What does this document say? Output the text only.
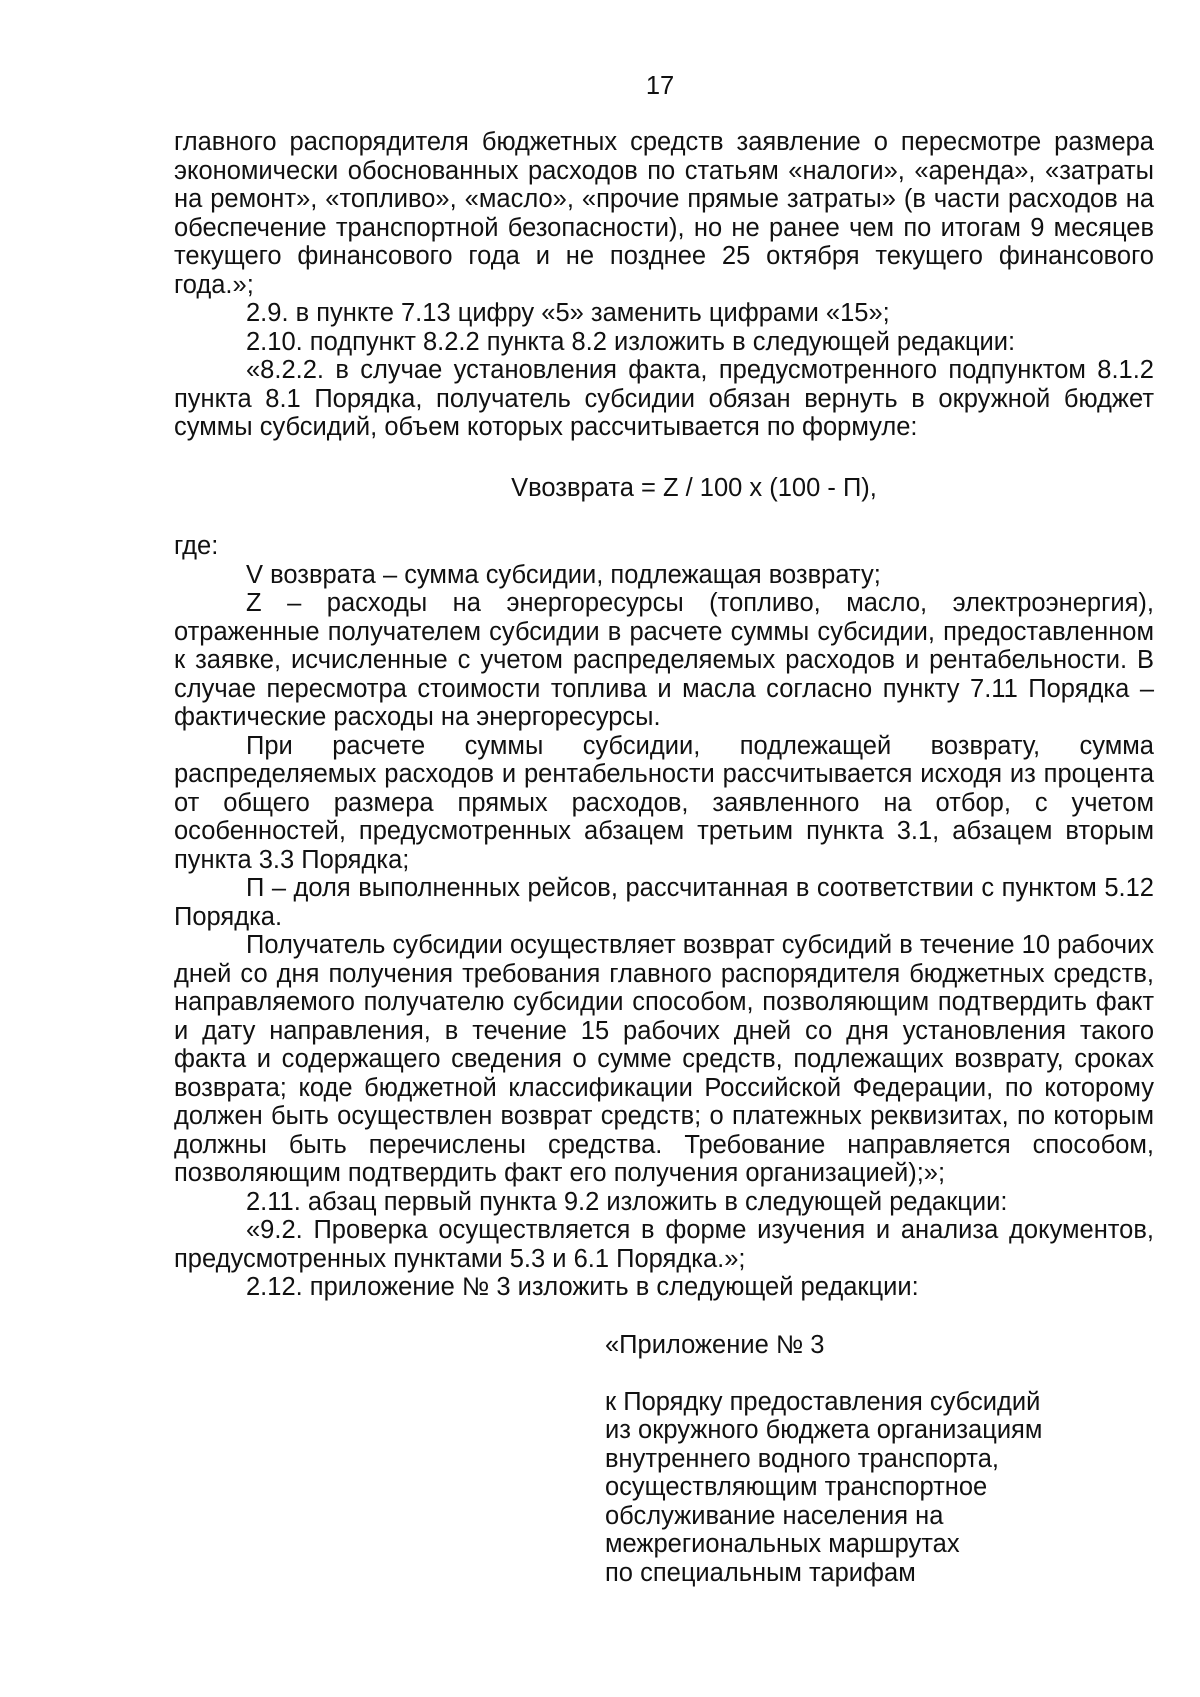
17

главного распорядителя бюджетных средств заявление о пересмотре размера экономически обоснованных расходов по статьям «налоги», «аренда», «затраты на ремонт», «топливо», «масло», «прочие прямые затраты» (в части расходов на обеспечение транспортной безопасности), но не ранее чем по итогам 9 месяцев текущего финансового года и не позднее 25 октября текущего финансового года.»;

2.9. в пункте 7.13 цифру «5» заменить цифрами «15»;

2.10. подпункт 8.2.2 пункта 8.2 изложить в следующей редакции:

«8.2.2. в случае установления факта, предусмотренного подпунктом 8.1.2 пункта 8.1 Порядка, получатель субсидии обязан вернуть в окружной бюджет суммы субсидий, объем которых рассчитывается по формуле:

Vвозврата = Z / 100 x (100 - П),

где:

V возврата – сумма субсидии, подлежащая возврату;

Z – расходы на энергоресурсы (топливо, масло, электроэнергия), отраженные получателем субсидии в расчете суммы субсидии, предоставленном к заявке, исчисленные с учетом распределяемых расходов и рентабельности. В случае пересмотра стоимости топлива и масла согласно пункту 7.11 Порядка – фактические расходы на энергоресурсы.

При расчете суммы субсидии, подлежащей возврату, сумма распределяемых расходов и рентабельности рассчитывается исходя из процента от общего размера прямых расходов, заявленного на отбор, с учетом особенностей, предусмотренных абзацем третьим пункта 3.1, абзацем вторым пункта 3.3 Порядка;

П – доля выполненных рейсов, рассчитанная в соответствии с пунктом 5.12 Порядка.

Получатель субсидии осуществляет возврат субсидий в течение 10 рабочих дней со дня получения требования главного распорядителя бюджетных средств, направляемого получателю субсидии способом, позволяющим подтвердить факт и дату направления, в течение 15 рабочих дней со дня установления такого факта и содержащего сведения о сумме средств, подлежащих возврату, сроках возврата; коде бюджетной классификации Российской Федерации, по которому должен быть осуществлен возврат средств; о платежных реквизитах, по которым должны быть перечислены средства. Требование направляется способом, позволяющим подтвердить факт его получения организацией);»;

2.11. абзац первый пункта 9.2 изложить в следующей редакции:

«9.2. Проверка осуществляется в форме изучения и анализа документов, предусмотренных пунктами 5.3 и 6.1 Порядка.»;

2.12. приложение № 3 изложить в следующей редакции:

«Приложение № 3
к Порядку предоставления субсидий
из окружного бюджета организациям
внутреннего водного транспорта,
осуществляющим транспортное
обслуживание населения на
межрегиональных маршрутах
по специальным тарифам
